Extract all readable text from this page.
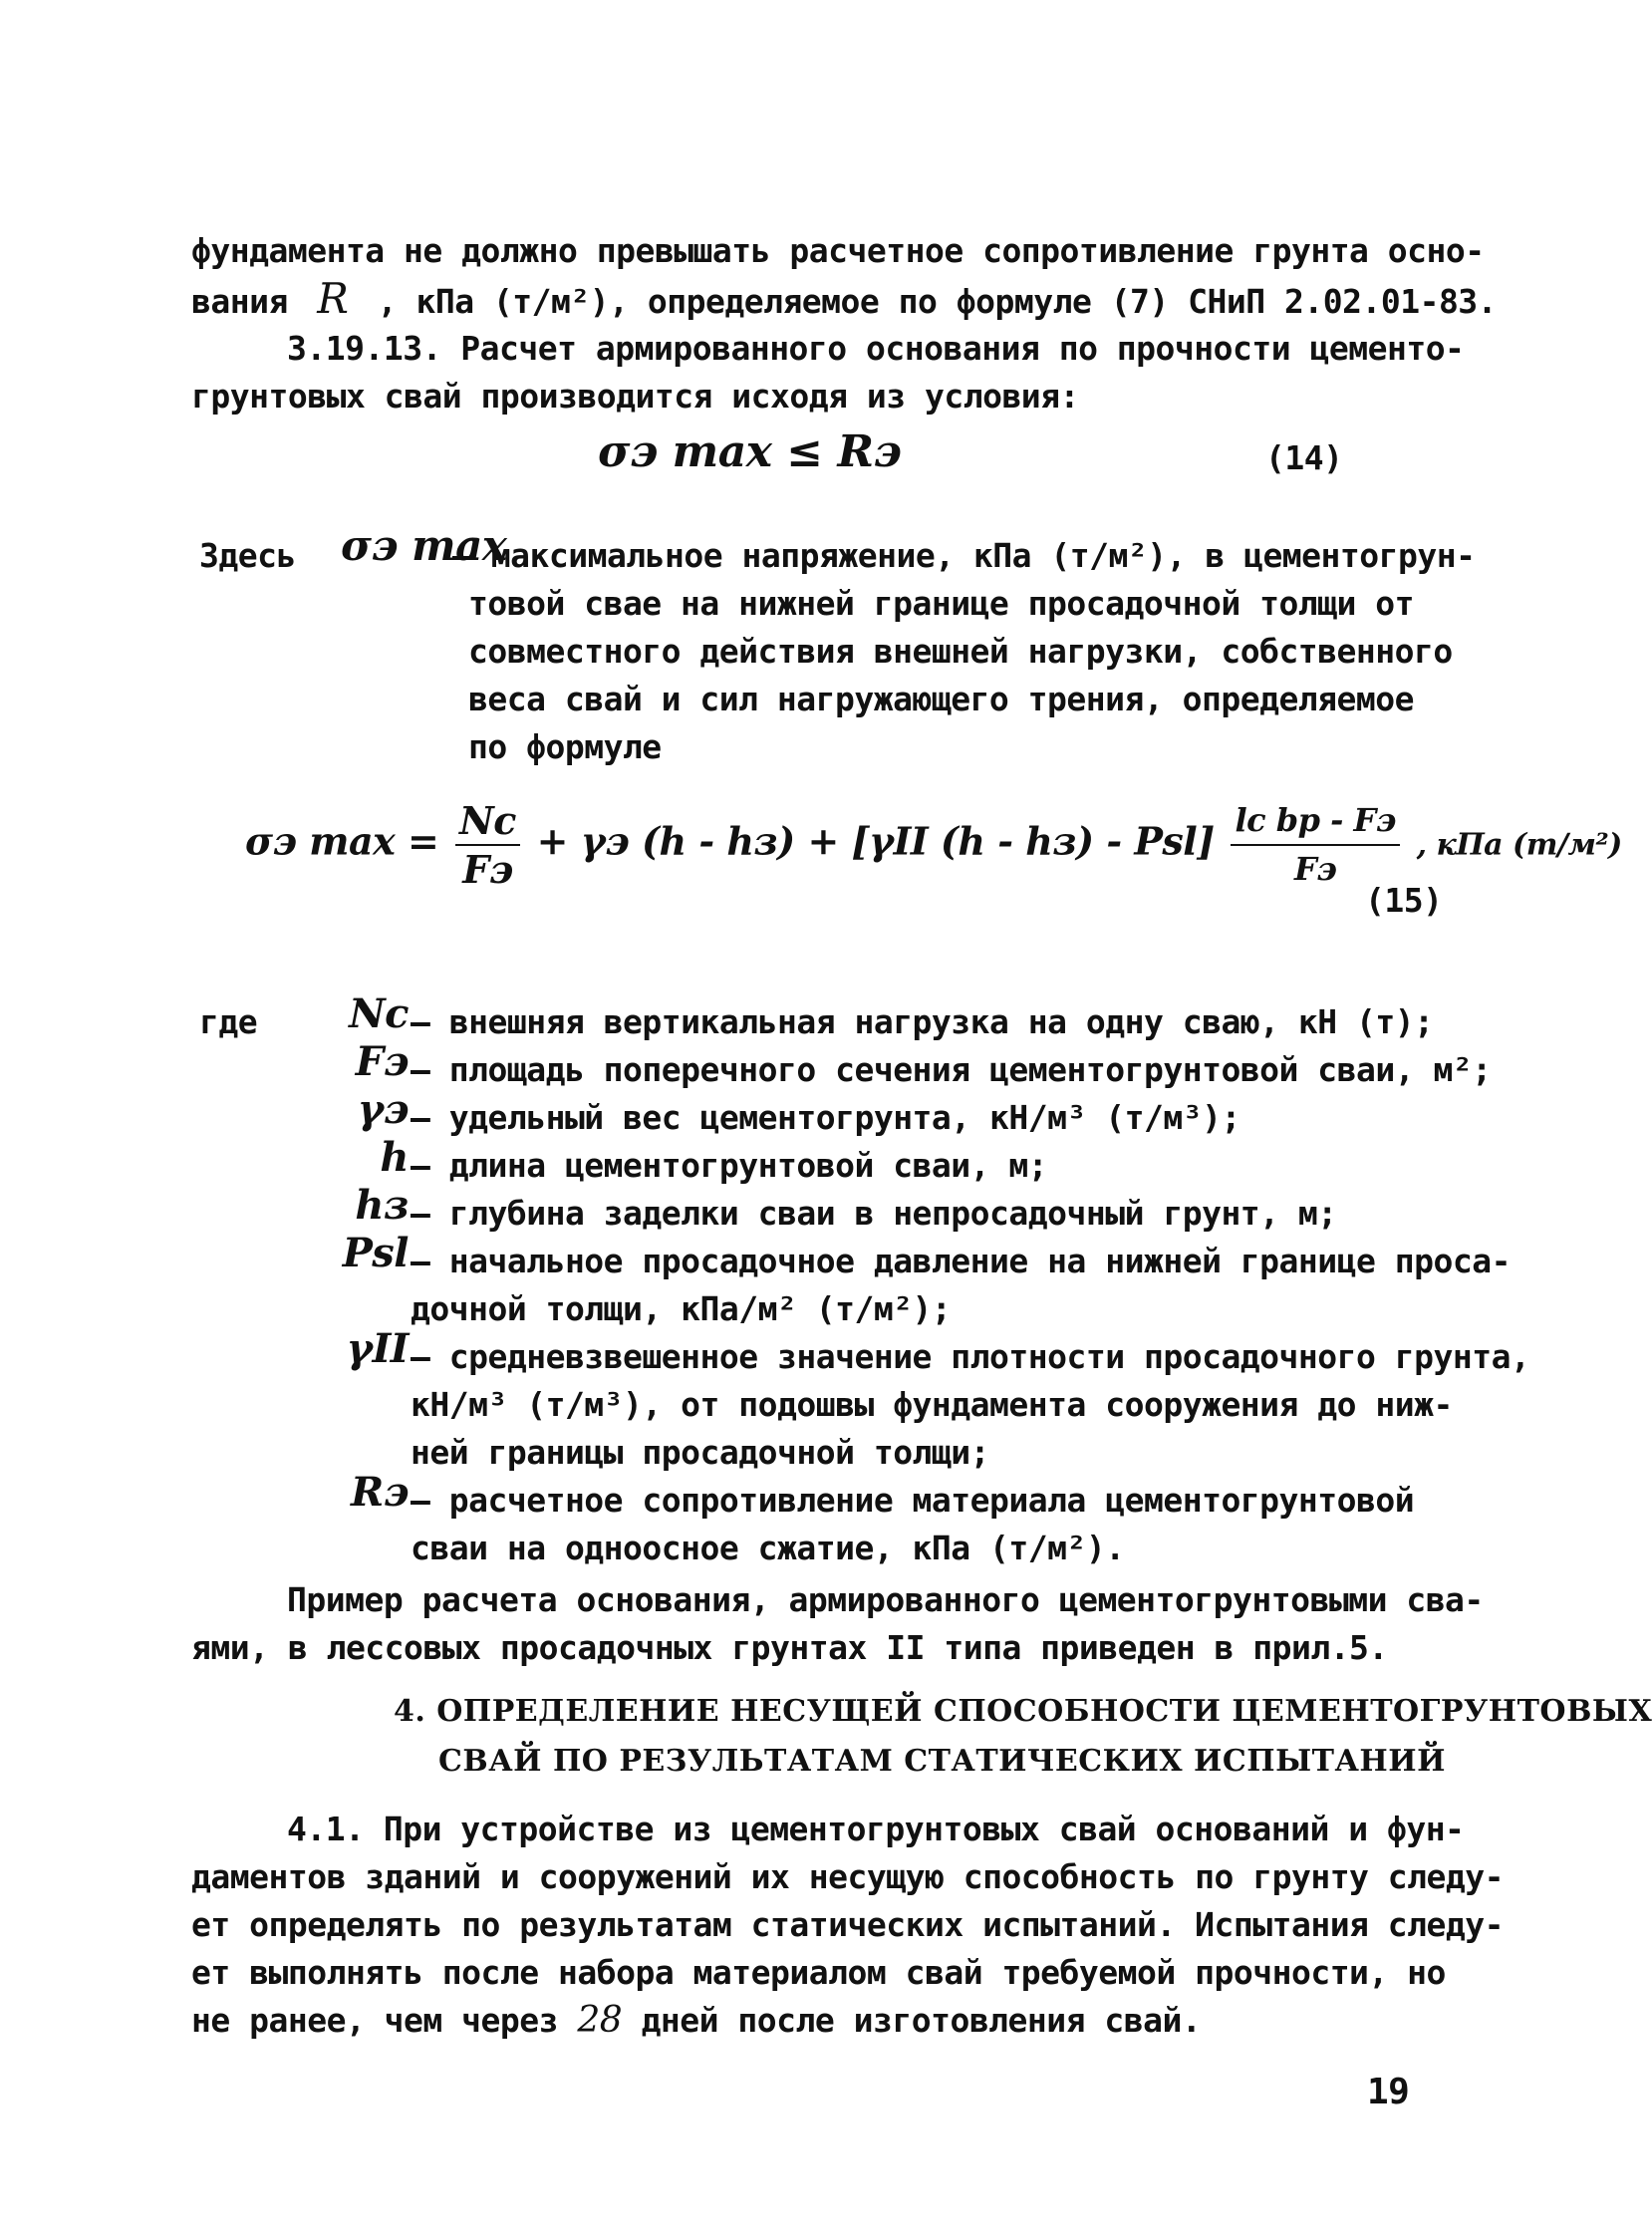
фундамента не должно превышать расчетное сопротивление грунта осно-
вания R , кПа (т/м²), определяемое по формуле (7) СНиП 2.02.01-83.
3.19.13. Расчет армированного основания по прочности цементо-
грунтовых свай производится исходя из условия:
σэ max ≤ Rэ	(14)
Здесь σэ max
– максимальное напряжение, кПа (т/м²), в цементогрун-
товой сваe на нижней границе просадочной толщи от
совместного действия внешней нагрузки, собственного
веса свай и сил нагружающего трения, определяемое
по формуле
σэ $\max = \frac{Nc}{Fэ} + \gamma э$ (h - hз) + [γII $(h - hз) - Psl] \frac{\text{lc bp - Fэ}}{Fэ}$ , кПа (т/м²)
(15)
где	Nc – внешняя вертикальная нагрузка на одну сваю, кН (т);
Fэ – площадь поперечного сечения цементогрунтовой сваи, м²;
γэ – удельный вес цементогрунта, кН/м³ (т/м³);
h – длина цементогрунтовой сваи, м;
hз – глубина заделки сваи в непросадочный грунт, м;
Psl – начальное просадочное давление на нижней границе проса-
дочной толщи, кПа/м² (т/м²);
γII – средневзвешенное значение плотности просадочного грунта,
кН/м³ (т/м³), от подошвы фундамента сооружения до ниж-
ней границы просадочной толщи;
Rэ – расчетное сопротивление материала цементогрунтовой
сваи на одноосное сжатие, кПа (т/м²).
Пример расчета основания, армированного цементогрунтовыми сва-
ями, в лессовых просадочных грунтах II типа приведен в прил.5.
4. ОПРЕДЕЛЕНИЕ НЕСУЩЕЙ СПОСОБНОСТИ ЦЕМЕНТОГРУНТОВЫХ
СВАЙ ПО РЕЗУЛЬТАТАМ СТАТИЧЕСКИХ ИСПЫТАНИЙ
4.1. При устройстве из цементогрунтовых свай оснований и фун-
даментов зданий и сооружений их несущую способность по грунту следу-
ет определять по результатам статических испытаний. Испытания следу-
ет выполнять после набора материалом свай требуемой прочности, но
не ранее, чем через 28 дней после изготовления свай.
19
